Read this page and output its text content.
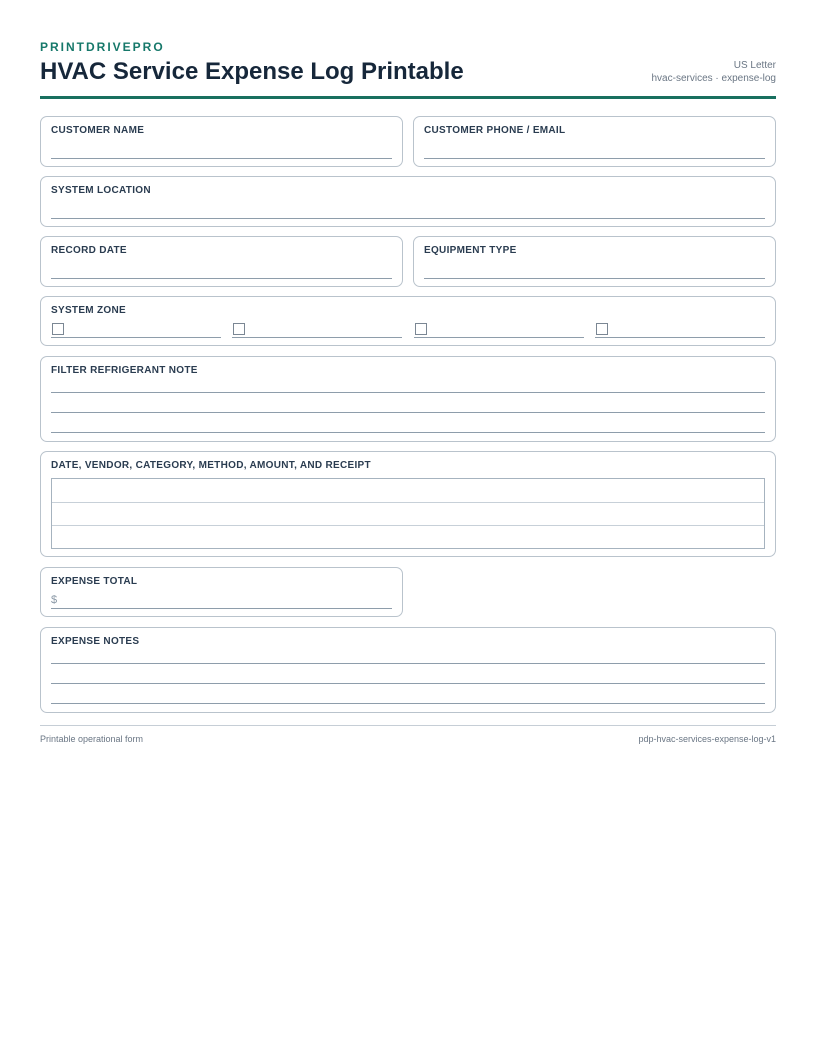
PRINTDRIVEPRO
HVAC Service Expense Log Printable	US Letter
hvac-services · expense-log
CUSTOMER NAME	CUSTOMER PHONE / EMAIL
SYSTEM LOCATION
RECORD DATE	EQUIPMENT TYPE
SYSTEM ZONE
FILTER REFRIGERANT NOTE
DATE, VENDOR, CATEGORY, METHOD, AMOUNT, AND RECEIPT
EXPENSE TOTAL
$
EXPENSE NOTES
Printable operational form	pdp-hvac-services-expense-log-v1
